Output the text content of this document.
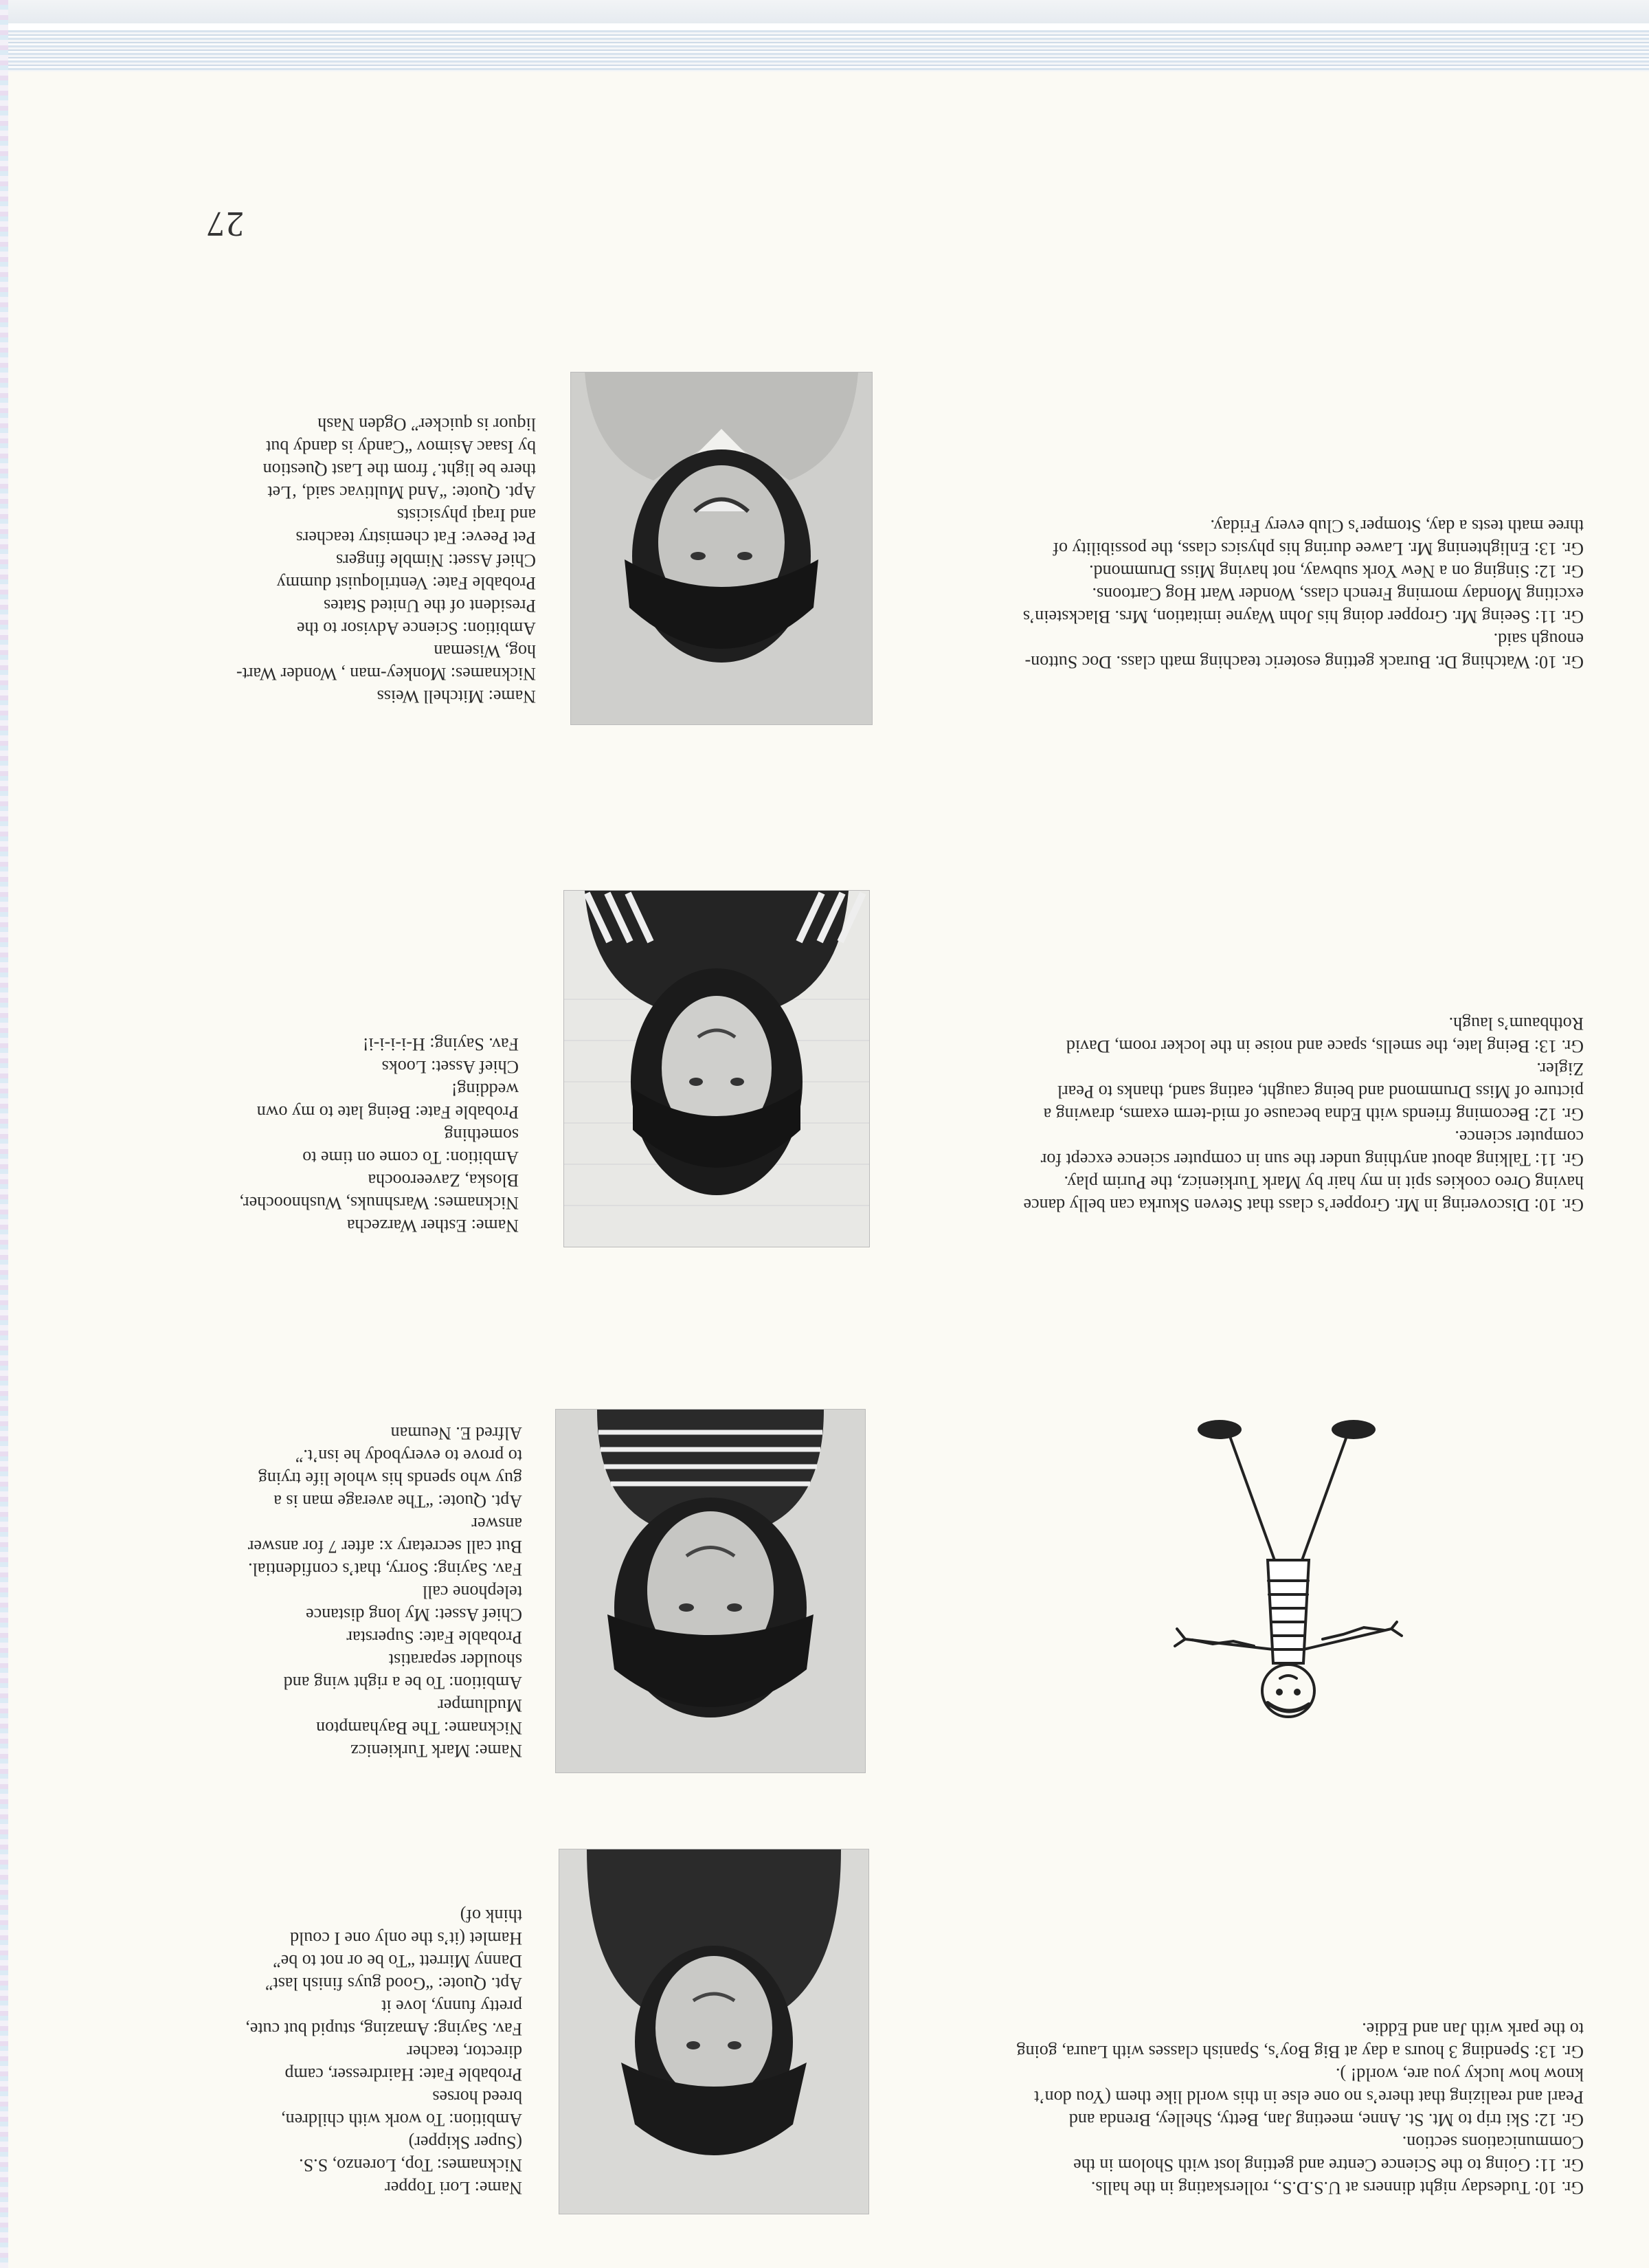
27
Name: Lori Topper
Nicknames: Top, Lorenzo, S.S.
(Super Skipper)
Ambition: To work with children,
breed horses
Probable Fate: Hairdresser, camp
director, teacher
Fav. Saying: Amazing, stupid but cute,
pretty funny, love it
Apt. Quote: “Good guys finish last”
Danny Mirrett “To be or not to be”
Hamlet (it’s the only one I could
think of)

Gr. 10: Tudesday night dinners at U.S.D.S., rollerskating in the halls.

Gr. 11: Going to the Science Centre and getting lost with Sholom in the

Communications section.

Gr. 12: Ski trip to Mt. St. Anne, meeting Jan, Betty, Shelley, Brenda and

Pearl and realizing that there’s no one else in this world like them (You don’t

know how lucky you are, world! ).

Gr. 13: Spending 3 hours a day at Big Boy’s, Spanish classes with Laura, going

to the park with Jan and Eddie.

Name: Mark Turkienicz
Nickname: The Bayhampton
Mudlumper
Ambition: To be a right wing and
shoulder separatist
Probable Fate: Superstar
Chief Asset: My long distance
telephone call
Fav. Saying: Sorry, that’s confidential.
But call secretary x: after 7 for answer
answer
Apt. Quote: “The average man is a
guy who spends his whole life trying
to prove to everybody he isn’t.”
Alfred E. Neuman
Name: Esther Warzecha
Nicknames: Warshnuks, Wushnoocher,
Bloska, Zaveeroocha
Ambition: To come on time to
something
Probable Fate: Being late to my own
wedding!
Chief Asset: Looks
Fav. Saying: H-i-i-i-i!

Gr. 10: Discovering in Mr. Gropper’s class that Steven Skurka can belly dance

having Oreo cookies spit in my hair by Mark Turkienicz, the Purim play.

Gr. 11: Talking about anything under the sun in computer science except for

computer science.

Gr. 12: Becoming friends with Edna because of mid-term exams, drawing a

picture of Miss Drummond and being caught, eating sand, thanks to Pearl

Zigler.

Gr. 13: Being late, the smells, space and noise in the locker room, David

Rothbaum’s laugh.

Name: Mitchell Weiss
Nicknames: Monkey-man , Wonder Wart-
hog, Wiseman
Ambition: Science Advisor to the
President of the United States
Probable Fate: Ventriloquist dummy
Chief Asset: Nimble fingers
Pet Peeve: Fat chemistry teachers
and Iraqi physicists
Apt. Quote: “And Multivac said, ‘Let
there be light.’ from the Last Question
by Isaac Asimov “Candy is dandy but
liquor is quicker” Ogden Nash

Gr. 10: Watching Dr. Burack getting esoteric teaching math class. Doc Sutton-

enough said.

Gr. 11: Seeing Mr. Gropper doing his John Wayne imitation, Mrs. Blackstein’s

exciting Monday morning French class, Wonder Wart Hog Cartoons.

Gr. 12: Singing on a New York subway, not having Miss Drummond.

Gr. 13: Enlightening Mr. Lawee during his physics class, the possibility of

three math tests a day, Stomper’s Club every Friday.
